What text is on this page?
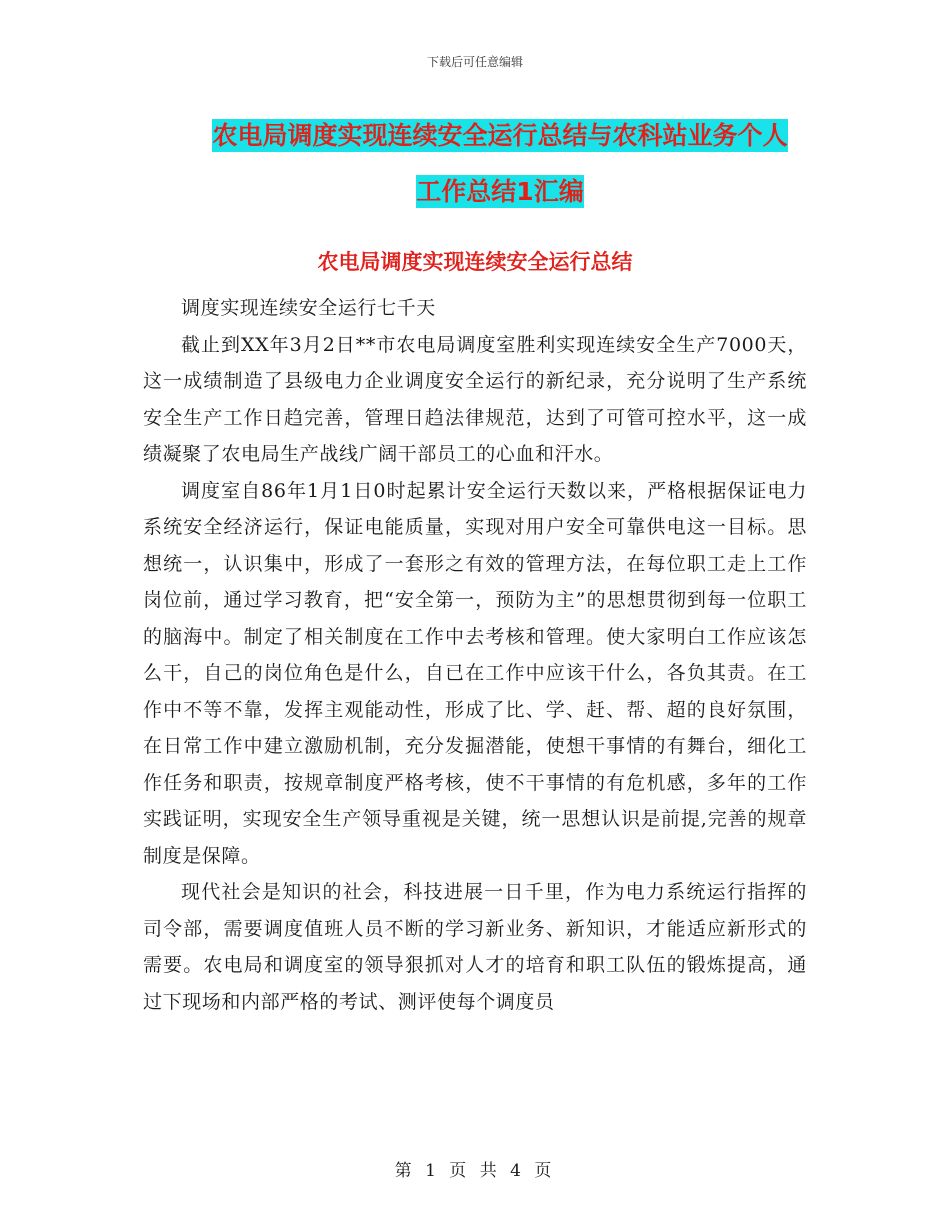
下载后可任意编辑
农电局调度实现连续安全运行总结与农科站业务个人
工作总结1汇编
农电局调度实现连续安全运行总结

调度实现连续安全运行七千天

截止到XX年3月2日**市农电局调度室胜利实现连续安全生产7000天，这一成绩制造了县级电力企业调度安全运行的新纪录，充分说明了生产系统安全生产工作日趋完善，管理日趋法律规范，达到了可管可控水平，这一成绩凝聚了农电局生产战线广阔干部员工的心血和汗水。

调度室自86年1月1日0时起累计安全运行天数以来，严格根据保证电力系统安全经济运行，保证电能质量，实现对用户安全可靠供电这一目标。思想统一，认识集中，形成了一套形之有效的管理方法，在每位职工走上工作岗位前，通过学习教育，把“安全第一，预防为主”的思想贯彻到每一位职工的脑海中。制定了相关制度在工作中去考核和管理。使大家明白工作应该怎么干，自己的岗位角色是什么，自已在工作中应该干什么，各负其责。在工作中不等不靠，发挥主观能动性，形成了比、学、赶、帮、超的良好氛围，在日常工作中建立激励机制，充分发掘潜能，使想干事情的有舞台，细化工作任务和职责，按规章制度严格考核，使不干事情的有危机感，多年的工作实践证明，实现安全生产领导重视是关键，统一思想认识是前提,完善的规章制度是保障。

现代社会是知识的社会，科技进展一日千里，作为电力系统运行指挥的司令部，需要调度值班人员不断的学习新业务、新知识，才能适应新形式的需要。农电局和调度室的领导狠抓对人才的培育和职工队伍的锻炼提高，通过下现场和内部严格的考试、测评使每个调度员

第 1 页 共 4 页
